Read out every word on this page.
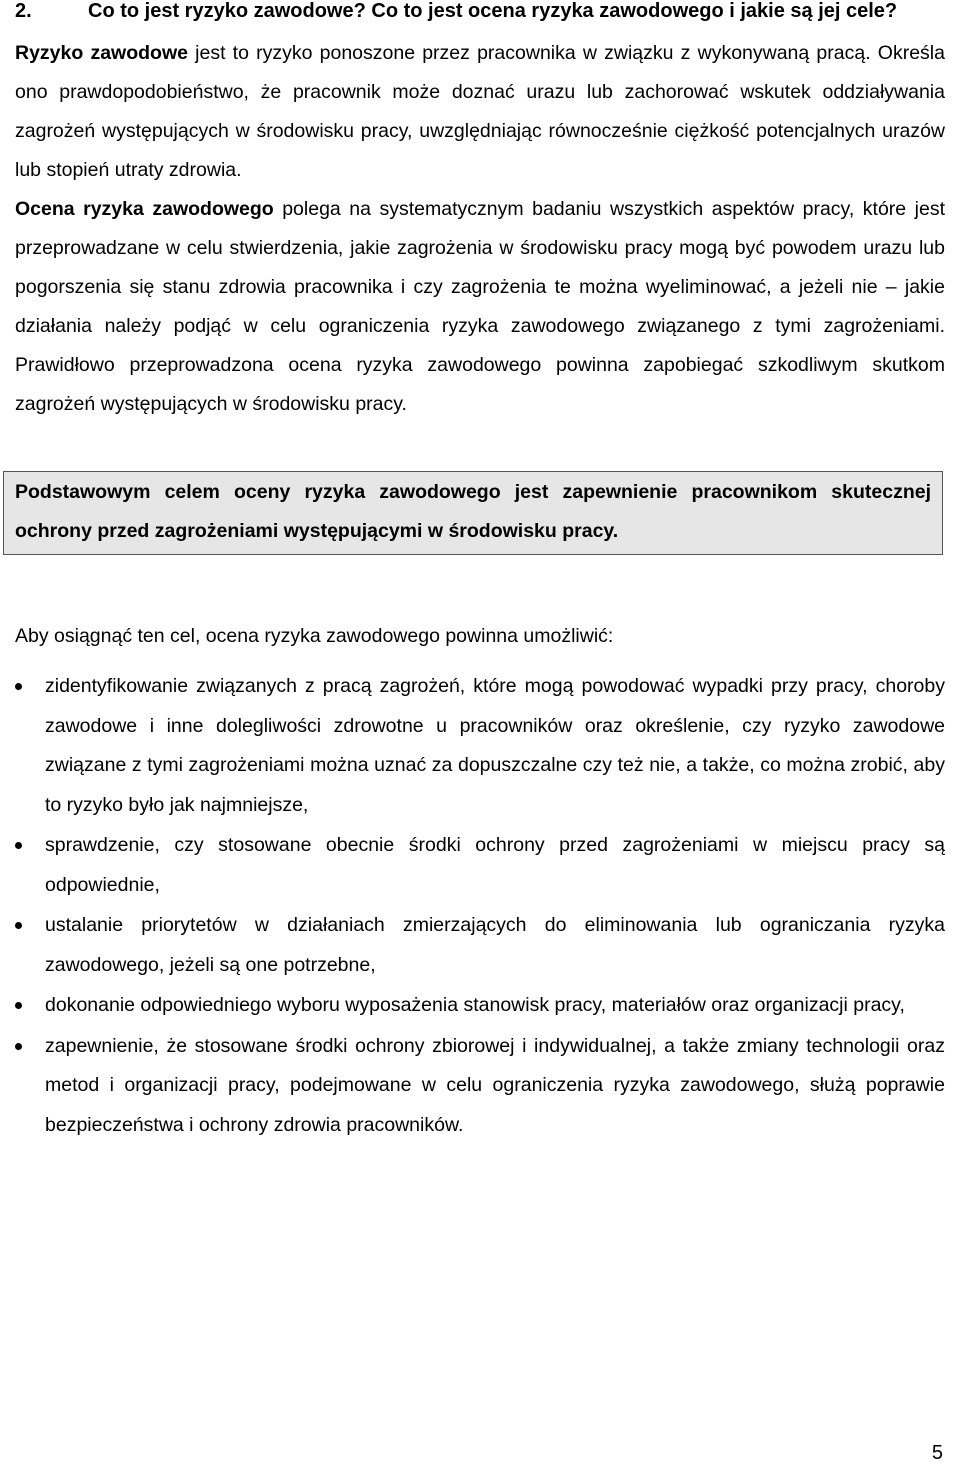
2.	Co to jest ryzyko zawodowe? Co to jest ocena ryzyka zawodowego i jakie są jej cele?

Ryzyko zawodowe jest to ryzyko ponoszone przez pracownika w związku z wykonywaną pracą. Określa ono prawdopodobieństwo, że pracownik może doznać urazu lub zachorować wskutek oddziaływania zagrożeń występujących w środowisku pracy, uwzględniając równocześnie ciężkość potencjalnych urazów lub stopień utraty zdrowia.

Ocena ryzyka zawodowego polega na systematycznym badaniu wszystkich aspektów pracy, które jest przeprowadzane w celu stwierdzenia, jakie zagrożenia w środowisku pracy mogą być powodem urazu lub pogorszenia się stanu zdrowia pracownika i czy zagrożenia te można wyeliminować, a jeżeli nie – jakie działania należy podjąć w celu ograniczenia ryzyka zawodowego związanego z tymi zagrożeniami. Prawidłowo przeprowadzona ocena ryzyka zawodowego powinna zapobiegać szkodliwym skutkom zagrożeń występujących w środowisku pracy.

Podstawowym celem oceny ryzyka zawodowego jest zapewnienie pracownikom skutecznej ochrony przed zagrożeniami występującymi w środowisku pracy.

Aby osiągnąć ten cel, ocena ryzyka zawodowego powinna umożliwić:

zidentyfikowanie związanych z pracą zagrożeń, które mogą powodować wypadki przy pracy, choroby zawodowe i inne dolegliwości zdrowotne u pracowników oraz określenie, czy ryzyko zawodowe związane z tymi zagrożeniami można uznać za dopuszczalne czy też nie, a także, co można zrobić, aby to ryzyko było jak najmniejsze,
sprawdzenie, czy stosowane obecnie środki ochrony przed zagrożeniami w miejscu pracy są odpowiednie,
ustalanie priorytetów w działaniach zmierzających do eliminowania lub ograniczania ryzyka zawodowego, jeżeli są one potrzebne,
dokonanie odpowiedniego wyboru wyposażenia stanowisk pracy, materiałów oraz organizacji pracy,
zapewnienie, że stosowane środki ochrony zbiorowej i indywidualnej, a także zmiany technologii oraz metod i organizacji pracy, podejmowane w celu ograniczenia ryzyka zawodowego, służą poprawie bezpieczeństwa i ochrony zdrowia pracowników.
5
